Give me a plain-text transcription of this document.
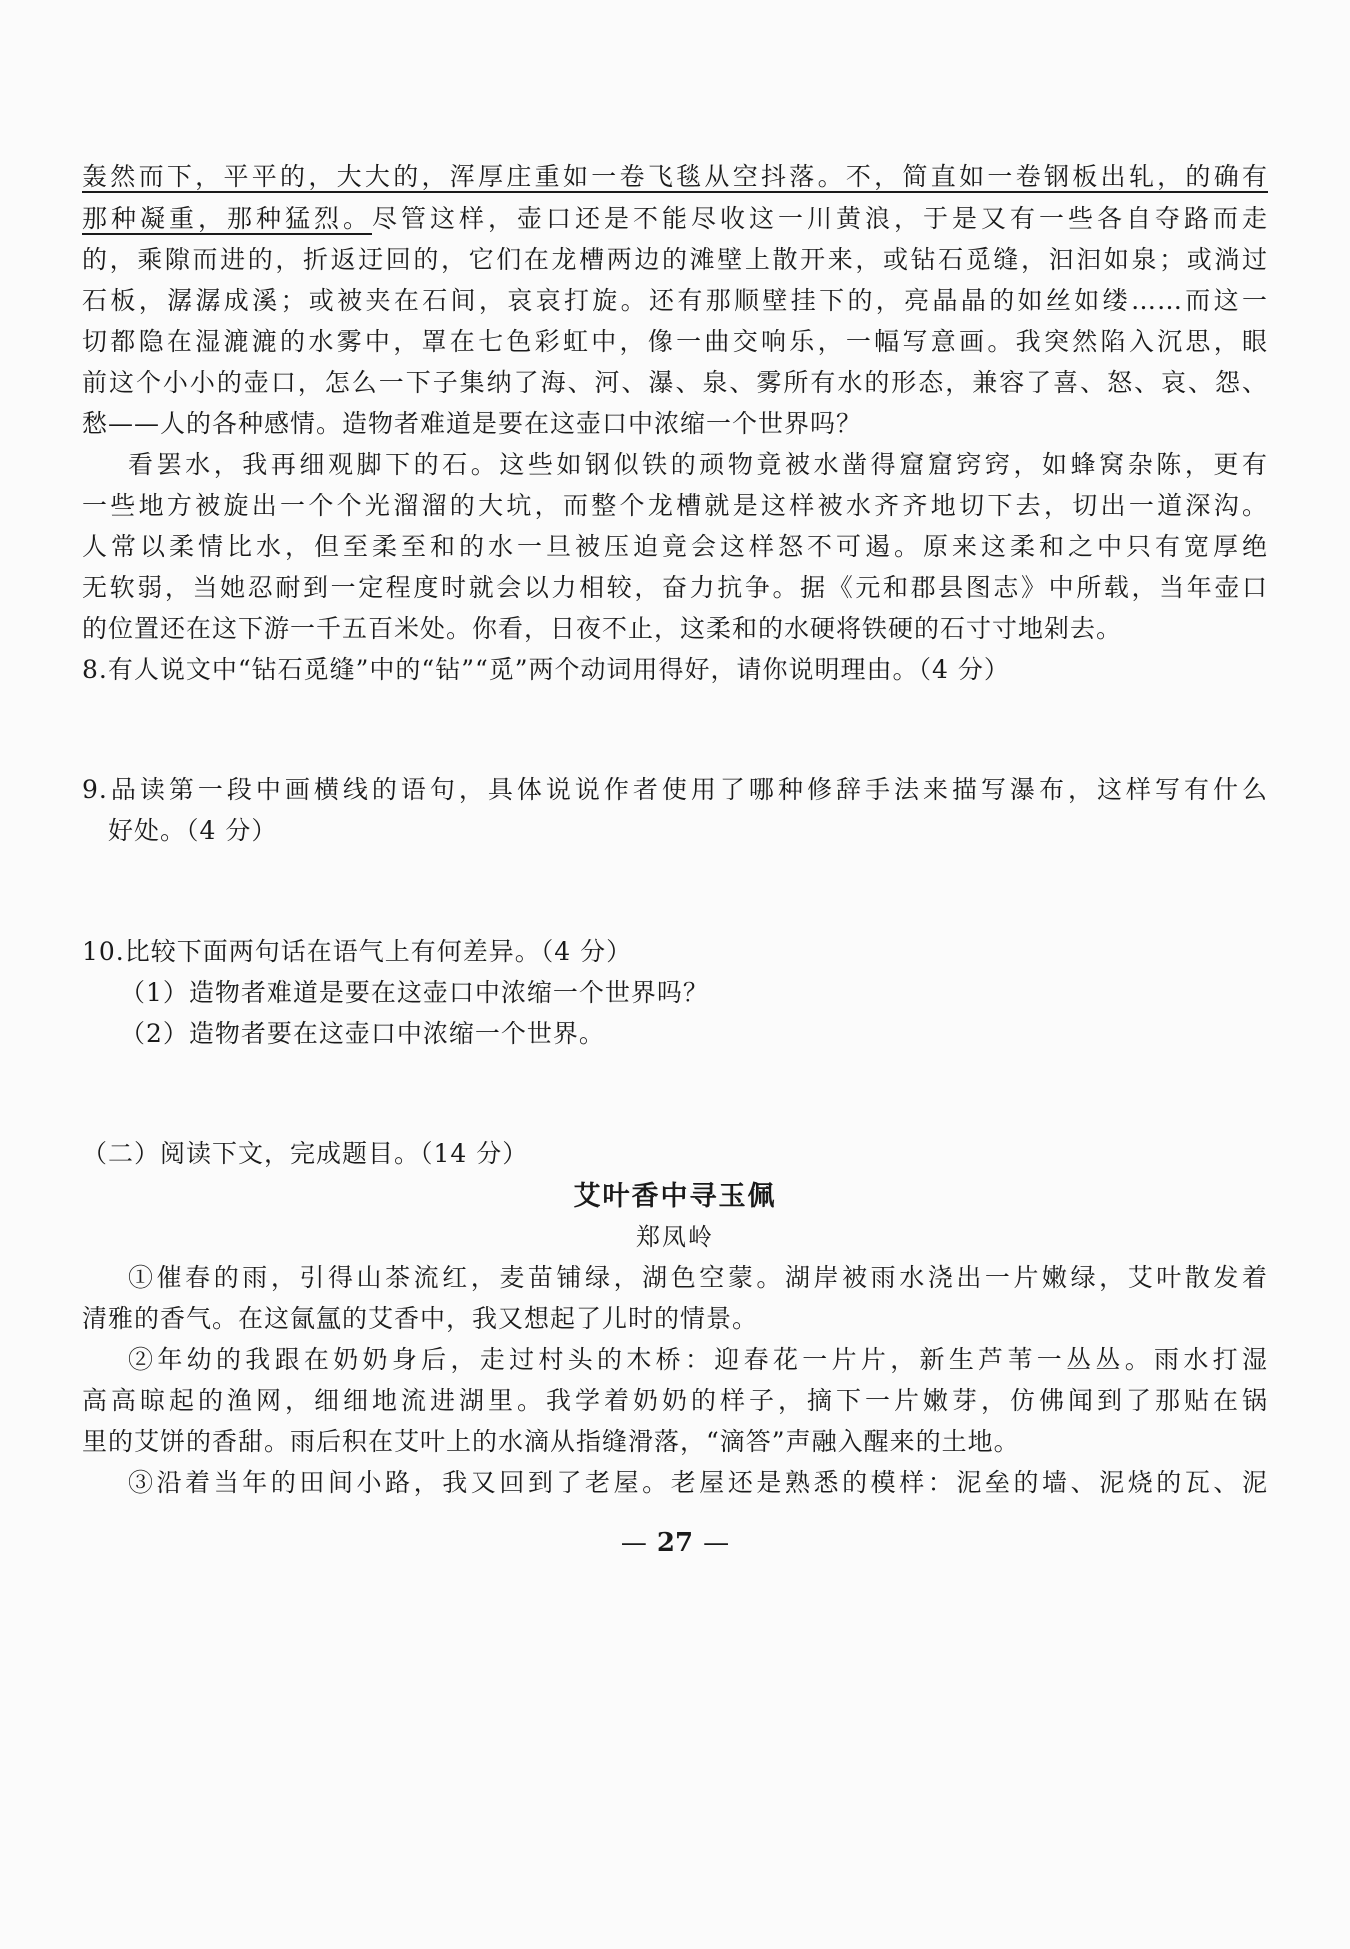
轰然而下，平平的，大大的，浑厚庄重如一卷飞毯从空抖落。不，简直如一卷钢板出轧，的确有
那种凝重，那种猛烈。尽管这样，壶口还是不能尽收这一川黄浪，于是又有一些各自夺路而走
的，乘隙而进的，折返迂回的，它们在龙槽两边的滩壁上散开来，或钻石觅缝，汩汩如泉；或淌过
石板，潺潺成溪；或被夹在石间，哀哀打旋。还有那顺壁挂下的，亮晶晶的如丝如缕……而这一
切都隐在湿漉漉的水雾中，罩在七色彩虹中，像一曲交响乐，一幅写意画。我突然陷入沉思，眼
前这个小小的壶口，怎么一下子集纳了海、河、瀑、泉、雾所有水的形态，兼容了喜、怒、哀、怨、
愁——人的各种感情。造物者难道是要在这壶口中浓缩一个世界吗？
看罢水，我再细观脚下的石。这些如钢似铁的顽物竟被水凿得窟窟窍窍，如蜂窝杂陈，更有
一些地方被旋出一个个光溜溜的大坑，而整个龙槽就是这样被水齐齐地切下去，切出一道深沟。
人常以柔情比水，但至柔至和的水一旦被压迫竟会这样怒不可遏。原来这柔和之中只有宽厚绝
无软弱，当她忍耐到一定程度时就会以力相较，奋力抗争。据《元和郡县图志》中所载，当年壶口
的位置还在这下游一千五百米处。你看，日夜不止，这柔和的水硬将铁硬的石寸寸地剁去。
8.有人说文中“钻石觅缝”中的“钻”“觅”两个动词用得好，请你说明理由。（4 分）
9.品读第一段中画横线的语句，具体说说作者使用了哪种修辞手法来描写瀑布，这样写有什么
好处。（4 分）
10.比较下面两句话在语气上有何差异。（4 分）
（1）造物者难道是要在这壶口中浓缩一个世界吗？
（2）造物者要在这壶口中浓缩一个世界。
（二）阅读下文，完成题目。（14 分）
艾叶香中寻玉佩
郑凤岭
①催春的雨，引得山茶流红，麦苗铺绿，湖色空蒙。湖岸被雨水浇出一片嫩绿，艾叶散发着
清雅的香气。在这氤氲的艾香中，我又想起了儿时的情景。
②年幼的我跟在奶奶身后，走过村头的木桥：迎春花一片片，新生芦苇一丛丛。雨水打湿
高高晾起的渔网，细细地流进湖里。我学着奶奶的样子，摘下一片嫩芽，仿佛闻到了那贴在锅
里的艾饼的香甜。雨后积在艾叶上的水滴从指缝滑落，“滴答”声融入醒来的土地。
③沿着当年的田间小路，我又回到了老屋。老屋还是熟悉的模样：泥垒的墙、泥烧的瓦、泥
— 27 —
